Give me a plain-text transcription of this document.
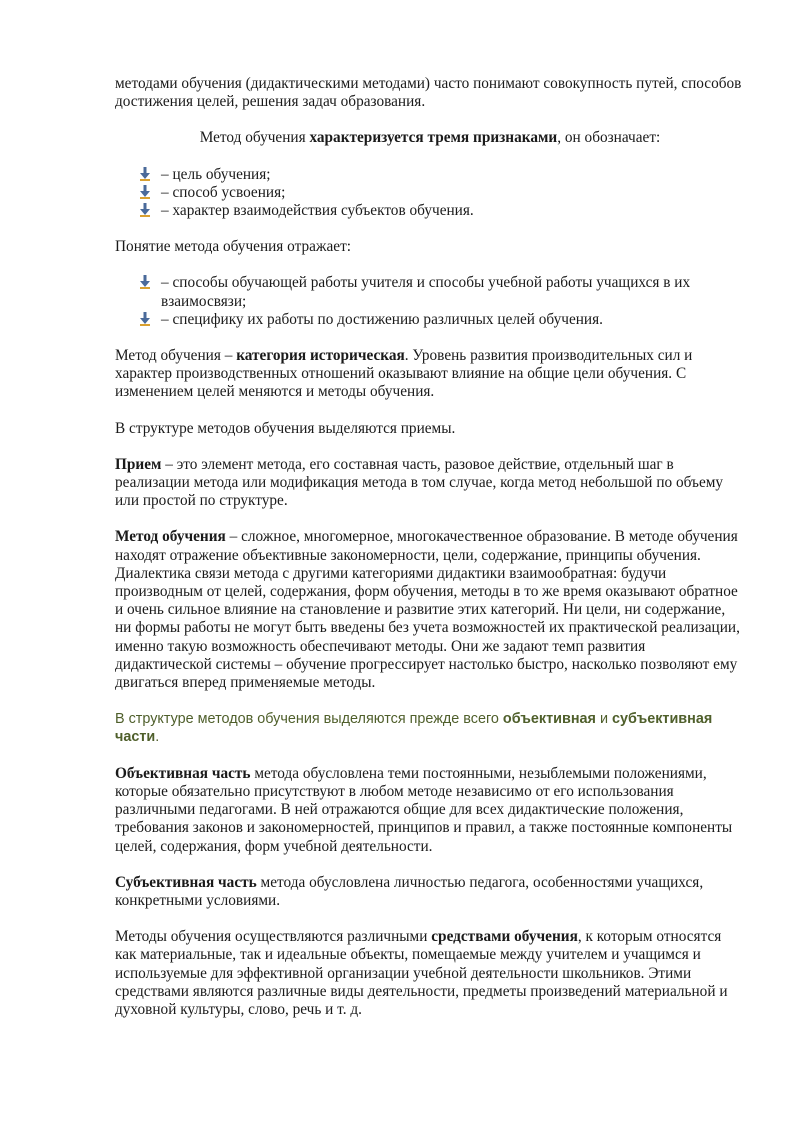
методами обучения (дидактическими методами) часто понимают совокупность путей, способов достижения целей, решения задач образования.

Метод обучения характеризуется тремя признаками, он обозначает:

– цель обучения;
– способ усвоения;
– характер взаимодействия субъектов обучения.

Понятие метода обучения отражает:

– способы обучающей работы учителя и способы учебной работы учащихся в их взаимосвязи;
– специфику их работы по достижению различных целей обучения.

Метод обучения – категория историческая. Уровень развития производительных сил и характер производственных отношений оказывают влияние на общие цели обучения. С изменением целей меняются и методы обучения.

В структуре методов обучения выделяются приемы.

Прием – это элемент метода, его составная часть, разовое действие, отдельный шаг в реализации метода или модификация метода в том случае, когда метод небольшой по объему или простой по структуре.

Метод обучения – сложное, многомерное, многокачественное образование. В методе обучения находят отражение объективные закономерности, цели, содержание, принципы обучения. Диалектика связи метода с другими категориями дидактики взаимообратная: будучи производным от целей, содержания, форм обучения, методы в то же время оказывают обратное и очень сильное влияние на становление и развитие этих категорий. Ни цели, ни содержание, ни формы работы не могут быть введены без учета возможностей их практической реализации, именно такую возможность обеспечивают методы. Они же задают темп развития дидактической системы – обучение прогрессирует настолько быстро, насколько позволяют ему двигаться вперед применяемые методы.

В структуре методов обучения выделяются прежде всего объективная и субъективная части.

Объективная часть метода обусловлена теми постоянными, незыблемыми положениями, которые обязательно присутствуют в любом методе независимо от его использования различными педагогами. В ней отражаются общие для всех дидактические положения, требования законов и закономерностей, принципов и правил, а также постоянные компоненты целей, содержания, форм учебной деятельности.

Субъективная часть метода обусловлена личностью педагога, особенностями учащихся, конкретными условиями.

Методы обучения осуществляются различными средствами обучения, к которым относятся как материальные, так и идеальные объекты, помещаемые между учителем и учащимся и используемые для эффективной организации учебной деятельности школьников. Этими средствами являются различные виды деятельности, предметы произведений материальной и духовной культуры, слово, речь и т. д.
